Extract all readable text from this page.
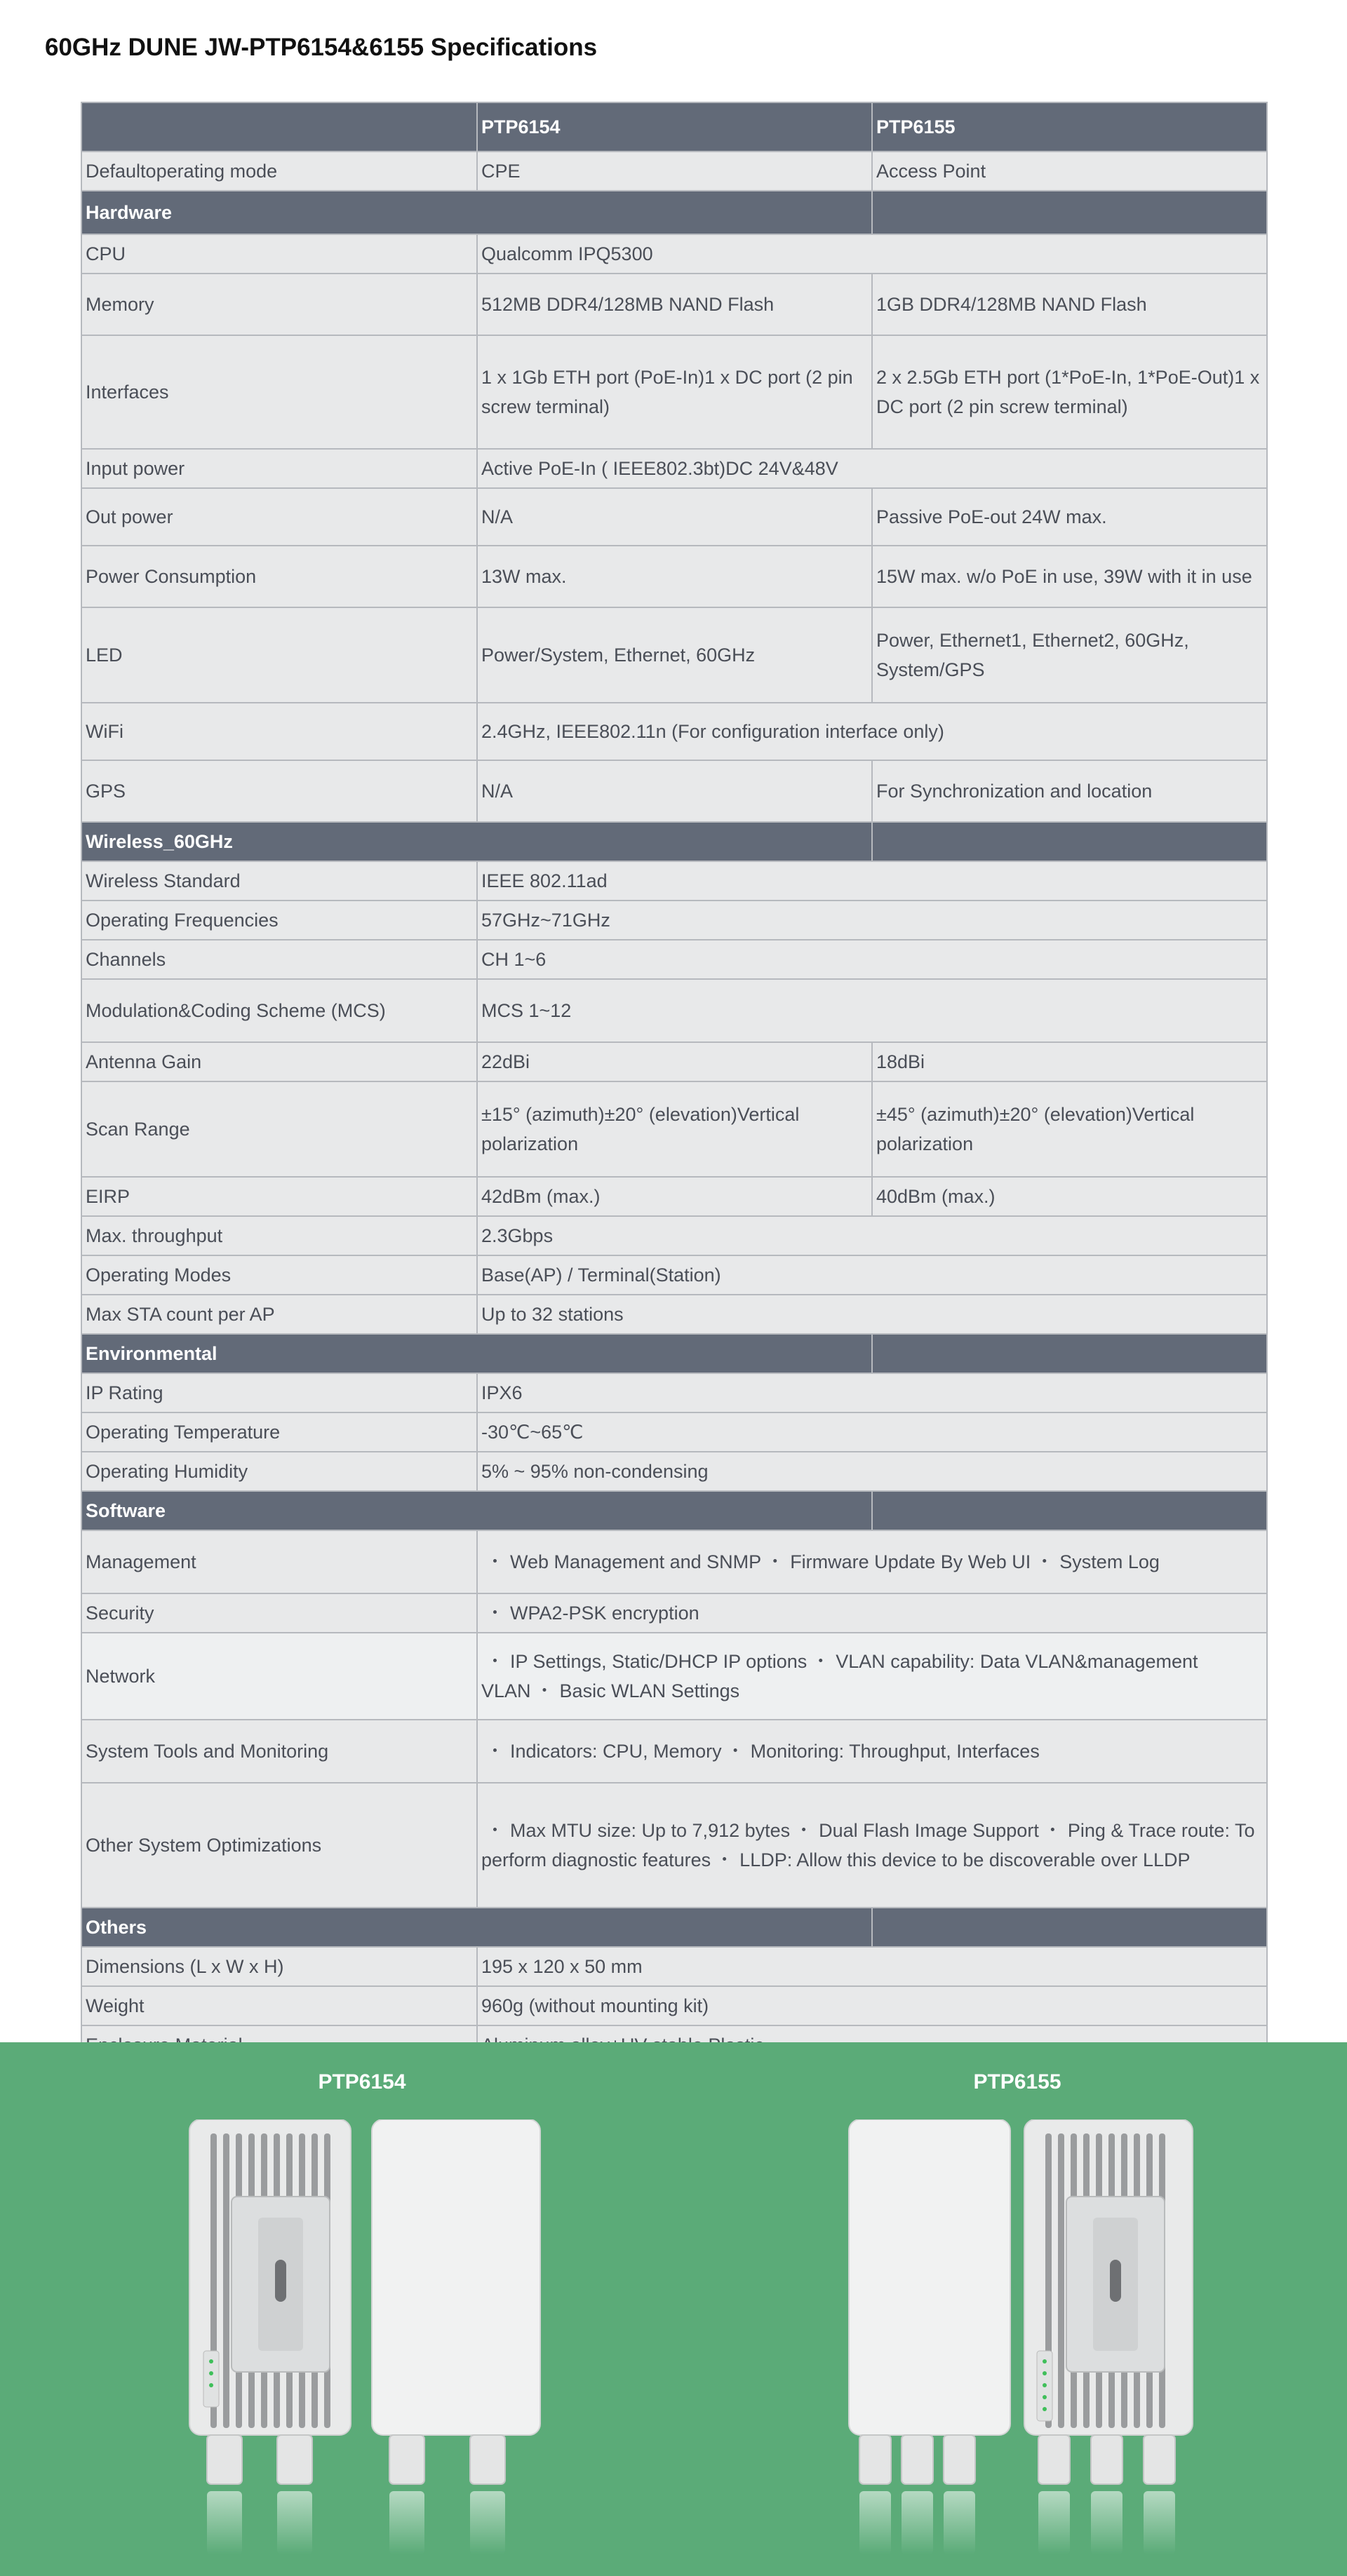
60GHz DUNE JW-PTP6154&6155 Specifications
	PTP6154	PTP6155
Defaultoperating mode	CPE	Access Point
Hardware		
CPU	Qualcomm IPQ5300	
Memory	512MB DDR4/128MB NAND Flash	1GB DDR4/128MB NAND Flash
Interfaces	1 x 1Gb ETH port (PoE-In)1 x DC port (2 pin screw terminal)	2 x 2.5Gb ETH port (1*PoE-In, 1*PoE-Out)1 x DC port (2 pin screw terminal)
Input power	Active PoE-In ( IEEE802.3bt)DC 24V&48V	
Out power	N/A	Passive PoE-out 24W max.
Power Consumption	13W max.	15W max. w/o PoE in use, 39W with it in use
LED	Power/System, Ethernet, 60GHz	Power, Ethernet1, Ethernet2, 60GHz, System/GPS
WiFi	2.4GHz, IEEE802.11n (For configuration interface only)	
GPS	N/A	For Synchronization and location
Wireless_60GHz		
Wireless Standard	IEEE 802.11ad	
Operating Frequencies	57GHz~71GHz	
Channels	CH 1~6	
Modulation&Coding Scheme (MCS)	MCS 1~12	
Antenna Gain	22dBi	18dBi
Scan Range	±15° (azimuth)±20° (elevation)Vertical polarization	±45° (azimuth)±20° (elevation)Vertical polarization
EIRP	42dBm (max.)	40dBm (max.)
Max. throughput	2.3Gbps	
Operating Modes	Base(AP) / Terminal(Station)	
Max STA count per AP	Up to 32 stations	
Environmental		
IP Rating	IPX6	
Operating Temperature	-30℃~65℃	
Operating Humidity	5% ~ 95% non-condensing	
Software		
Management	・ Web Management and SNMP ・ Firmware Update By Web UI ・ System Log	
Security	・ WPA2-PSK encryption	
Network	・ IP Settings, Static/DHCP IP options ・ VLAN capability: Data VLAN&management VLAN ・ Basic WLAN Settings	
System Tools and Monitoring	・ Indicators: CPU, Memory ・ Monitoring: Throughput, Interfaces	
Other System Optimizations	・ Max MTU size: Up to 7,912 bytes ・ Dual Flash Image Support ・ Ping & Trace route: To perform diagnostic features ・ LLDP: Allow this device to be discoverable over LLDP	
Others		
Dimensions (L x W x H)	195 x 120 x 50 mm	
Weight	960g (without mounting kit)	

PTP6154	PTP6155
